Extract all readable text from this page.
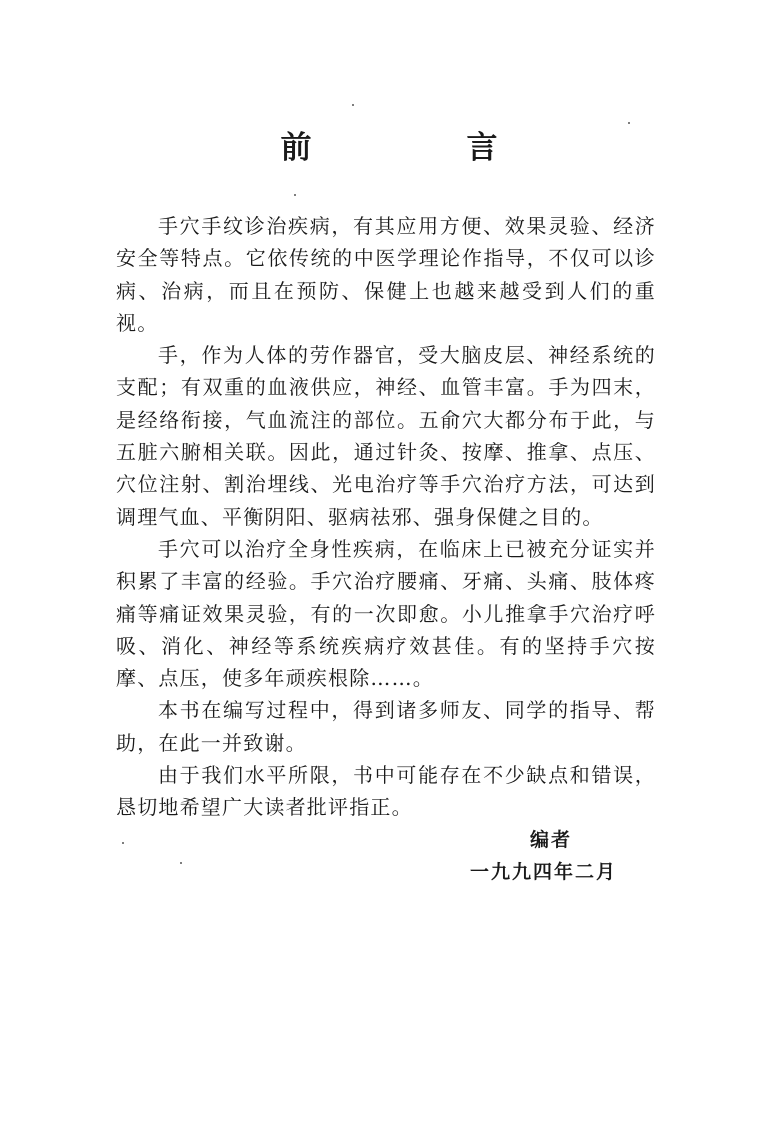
前　言

手穴手纹诊治疾病，有其应用方便、效果灵验、经济安全等特点。它依传统的中医学理论作指导，不仅可以诊病、治病，而且在预防、保健上也越来越受到人们的重视。

手，作为人体的劳作器官，受大脑皮层、神经系统的支配；有双重的血液供应，神经、血管丰富。手为四末，是经络衔接，气血流注的部位。五俞穴大都分布于此，与五脏六腑相关联。因此，通过针灸、按摩、推拿、点压、穴位注射、割治埋线、光电治疗等手穴治疗方法，可达到调理气血、平衡阴阳、驱病祛邪、强身保健之目的。

手穴可以治疗全身性疾病，在临床上已被充分证实并积累了丰富的经验。手穴治疗腰痛、牙痛、头痛、肢体疼痛等痛证效果灵验，有的一次即愈。小儿推拿手穴治疗呼吸、消化、神经等系统疾病疗效甚佳。有的坚持手穴按摩、点压，使多年顽疾根除……。

本书在编写过程中，得到诸多师友、同学的指导、帮助，在此一并致谢。

由于我们水平所限，书中可能存在不少缺点和错误，恳切地希望广大读者批评指正。

编者
一九九四年二月
